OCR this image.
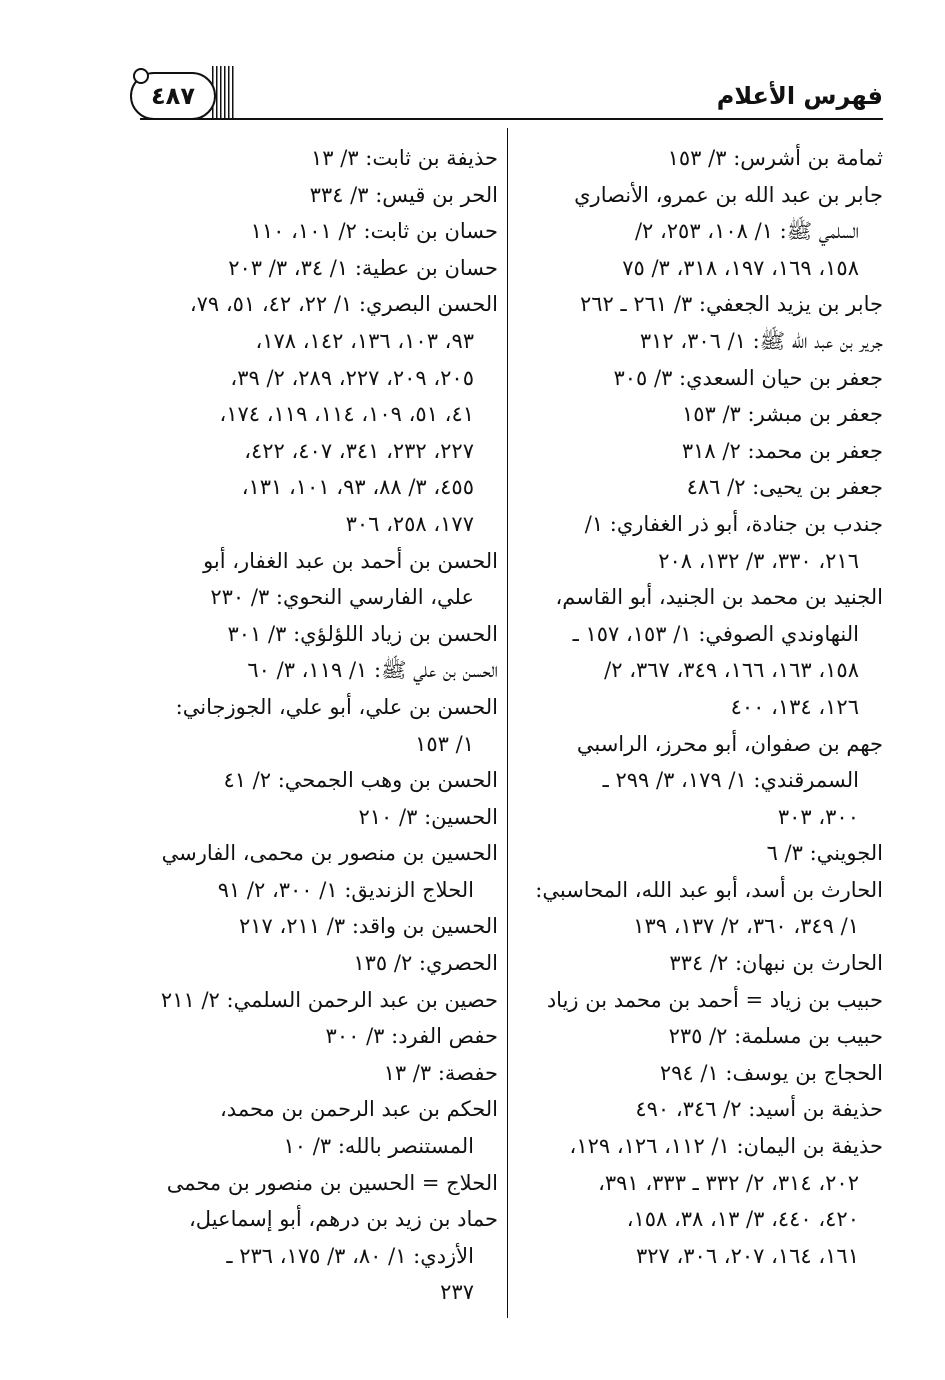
فهرس الأعلام
٤٨٧
ثمامة بن أشرس: ٣/ ١٥٣
جابر بن عبد الله بن عمرو، الأنصاري
السلمي ﷺ: ١/ ١٠٨، ٢٥٣، ٢/
١٥٨، ١٦٩، ١٩٧، ٣١٨، ٣/ ٧٥
جابر بن يزيد الجعفي: ٣/ ٢٦١ ـ ٢٦٢
جرير بن عبد الله ﷺ: ١/ ٣٠٦، ٣١٢
جعفر بن حيان السعدي: ٣/ ٣٠٥
جعفر بن مبشر: ٣/ ١٥٣
جعفر بن محمد: ٢/ ٣١٨
جعفر بن يحيى: ٢/ ٤٨٦
جندب بن جنادة، أبو ذر الغفاري: ١/
٢١٦، ٣٣٠، ٣/ ١٣٢، ٢٠٨
الجنيد بن محمد بن الجنيد، أبو القاسم،
النهاوندي الصوفي: ١/ ١٥٣، ١٥٧ ـ
١٥٨، ١٦٣، ١٦٦، ٣٤٩، ٣٦٧، ٢/
١٢٦، ١٣٤، ٤٠٠
جهم بن صفوان، أبو محرز، الراسبي
السمرقندي: ١/ ١٧٩، ٣/ ٢٩٩ ـ
٣٠٠، ٣٠٣
الجويني: ٣/ ٦
الحارث بن أسد، أبو عبد الله، المحاسبي:
١/ ٣٤٩، ٣٦٠، ٢/ ١٣٧، ١٣٩
الحارث بن نبهان: ٢/ ٣٣٤
حبيب بن زياد = أحمد بن محمد بن زياد
حبيب بن مسلمة: ٢/ ٢٣٥
الحجاج بن يوسف: ١/ ٢٩٤
حذيفة بن أسيد: ٢/ ٣٤٦، ٤٩٠
حذيفة بن اليمان: ١/ ١١٢، ١٢٦، ١٢٩،
٢٠٢، ٣١٤، ٢/ ٣٣٢ ـ ٣٣٣، ٣٩١،
٤٢٠، ٤٤٠، ٣/ ١٣، ٣٨، ١٥٨،
١٦١، ١٦٤، ٢٠٧، ٣٠٦، ٣٢٧
حذيفة بن ثابت: ٣/ ١٣
الحر بن قيس: ٣/ ٣٣٤
حسان بن ثابت: ٢/ ١٠١، ١١٠
حسان بن عطية: ١/ ٣٤، ٣/ ٢٠٣
الحسن البصري: ١/ ٢٢، ٤٢، ٥١، ٧٩،
٩٣، ١٠٣، ١٣٦، ١٤٢، ١٧٨،
٢٠٥، ٢٠٩، ٢٢٧، ٢٨٩، ٢/ ٣٩،
٤١، ٥١، ١٠٩، ١١٤، ١١٩، ١٧٤،
٢٢٧، ٢٣٢، ٣٤١، ٤٠٧، ٤٢٢،
٤٥٥، ٣/ ٨٨، ٩٣، ١٠١، ١٣١،
١٧٧، ٢٥٨، ٣٠٦
الحسن بن أحمد بن عبد الغفار، أبو
علي، الفارسي النحوي: ٣/ ٢٣٠
الحسن بن زياد اللؤلؤي: ٣/ ٣٠١
الحسن بن علي ﷺ: ١/ ١١٩، ٣/ ٦٠
الحسن بن علي، أبو علي، الجوزجاني:
١/ ١٥٣
الحسن بن وهب الجمحي: ٢/ ٤١
الحسين: ٣/ ٢١٠
الحسين بن منصور بن محمى، الفارسي
الحلاج الزنديق: ١/ ٣٠٠، ٢/ ٩١
الحسين بن واقد: ٣/ ٢١١، ٢١٧
الحصري: ٢/ ١٣٥
حصين بن عبد الرحمن السلمي: ٢/ ٢١١
حفص الفرد: ٣/ ٣٠٠
حفصة: ٣/ ١٣
الحكم بن عبد الرحمن بن محمد،
المستنصر بالله: ٣/ ١٠
الحلاج = الحسين بن منصور بن محمى
حماد بن زيد بن درهم، أبو إسماعيل،
الأزدي: ١/ ٨٠، ٣/ ١٧٥، ٢٣٦ ـ
٢٣٧
